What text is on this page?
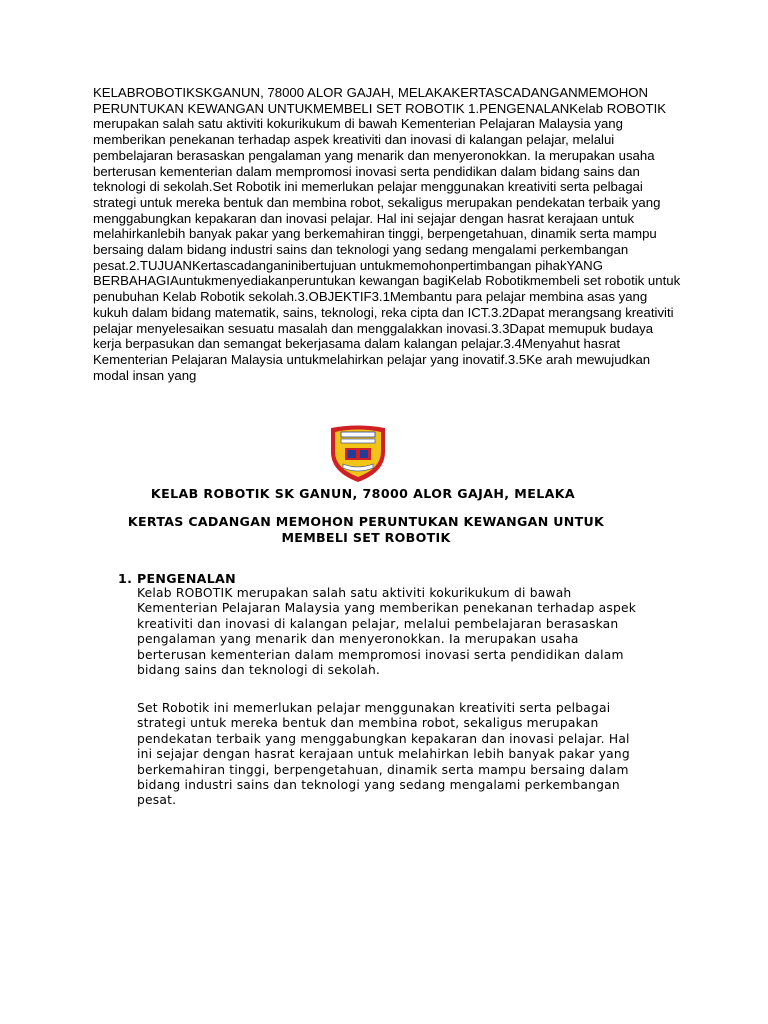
KELABROBOTIKSKGANUN, 78000 ALOR GAJAH, MELAKAKERTASCADANGANMEMOHON PERUNTUKAN KEWANGAN UNTUKMEMBELI SET ROBOTIK 1.PENGENALANKelab ROBOTIK merupakan salah satu aktiviti kokurikukum di bawah Kementerian Pelajaran Malaysia yang memberikan penekanan terhadap aspek kreativiti dan inovasi di kalangan pelajar, melalui pembelajaran berasaskan pengalaman yang menarik dan menyeronokkan. Ia merupakan usaha berterusan kementerian dalam mempromosi inovasi serta pendidikan dalam bidang sains dan teknologi di sekolah.Set Robotik ini memerlukan pelajar menggunakan kreativiti serta pelbagai strategi untuk mereka bentuk dan membina robot, sekaligus merupakan pendekatan terbaik yang menggabungkan kepakaran dan inovasi pelajar. Hal ini sejajar dengan hasrat kerajaan untuk melahirkanlebih banyak pakar yang berkemahiran tinggi, berpengetahuan, dinamik serta mampu bersaing dalam bidang industri sains dan teknologi yang sedang mengalami perkembangan pesat.2.TUJUANKertascadanganinibertujuan untukmemohonpertimbangan pihakYANG BERBAHAGIAuntukmenyediakanperuntukan kewangan bagiKelab Robotikmembeli set robotik untuk penubuhan Kelab Robotik sekolah.3.OBJEKTIF3.1Membantu para pelajar membina asas yang kukuh dalam bidang matematik, sains, teknologi, reka cipta dan ICT.3.2Dapat merangsang kreativiti pelajar menyelesaikan sesuatu masalah dan menggalakkan inovasi.3.3Dapat memupuk budaya kerja berpasukan dan semangat bekerjasama dalam kalangan pelajar.3.4Menyahut hasrat Kementerian Pelajaran Malaysia untukmelahirkan pelajar yang inovatif.3.5Ke arah mewujudkan modal insan yang
KELAB ROBOTIK SK GANUN, 78000 ALOR GAJAH, MELAKA
KERTAS CADANGAN MEMOHON PERUNTUKAN KEWANGAN UNTUK
MEMBELI SET ROBOTIK
1. PENGENALAN
Kelab ROBOTIK merupakan salah satu aktiviti kokurikukum di bawah Kementerian Pelajaran Malaysia yang memberikan penekanan terhadap aspek kreativiti dan inovasi di kalangan pelajar, melalui pembelajaran berasaskan pengalaman yang menarik dan menyeronokkan. Ia merupakan usaha berterusan kementerian dalam mempromosi inovasi serta pendidikan dalam bidang sains dan teknologi di sekolah.
Set Robotik ini memerlukan pelajar menggunakan kreativiti serta pelbagai strategi untuk mereka bentuk dan membina robot, sekaligus merupakan pendekatan terbaik yang menggabungkan kepakaran dan inovasi pelajar. Hal ini sejajar dengan hasrat kerajaan untuk melahirkan lebih banyak pakar yang berkemahiran tinggi, berpengetahuan, dinamik serta mampu bersaing dalam bidang industri sains dan teknologi yang sedang mengalami perkembangan pesat.
